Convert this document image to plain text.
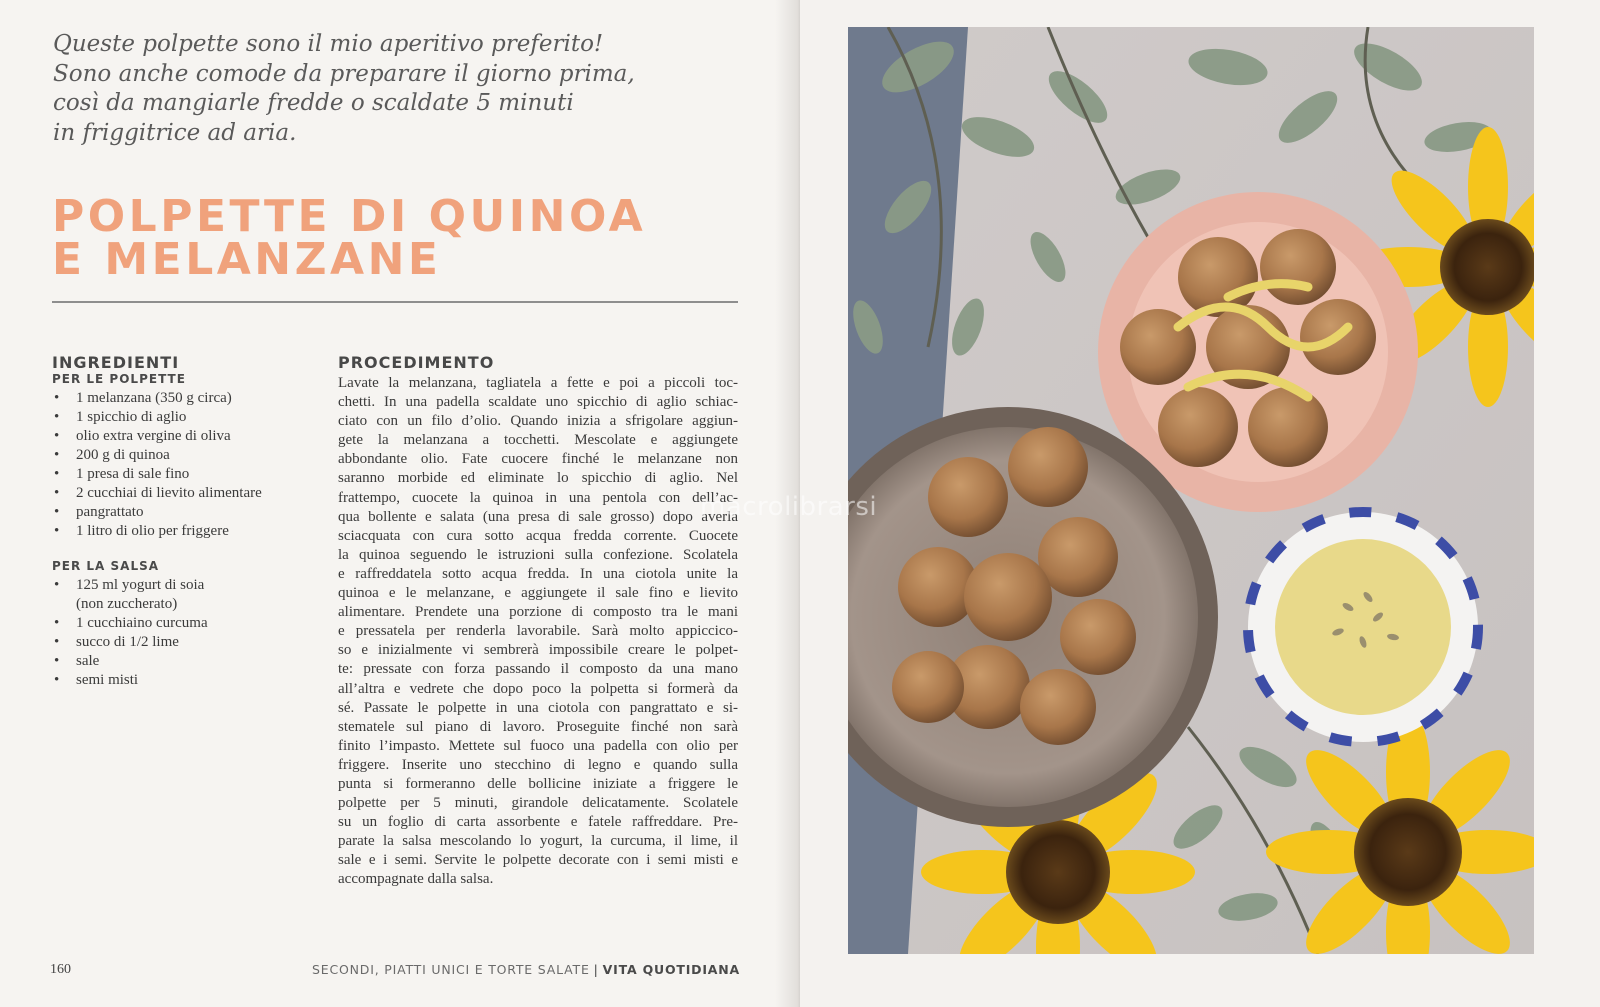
Queste polpette sono il mio aperitivo preferito!
Sono anche comode da preparare il giorno prima,
così da mangiarle fredde o scaldate 5 minuti
in friggitrice ad aria.
POLPETTE DI QUINOA
E MELANZANE
INGREDIENTI
PER LE POLPETTE
• 1 melanzana (350 g circa)
• 1 spicchio di aglio
• olio extra vergine di oliva
• 200 g di quinoa
• 1 presa di sale fino
• 2 cucchiai di lievito alimentare
• pangrattato
• 1 litro di olio per friggere
PER LA SALSA
• 125 ml yogurt di soia
(non zuccherato)
• 1 cucchiaino curcuma
• succo di 1/2 lime
• sale
• semi misti
PROCEDIMENTO
Lavate la melanzana, tagliatela a fette e poi a piccoli toc-
chetti. In una padella scaldate uno spicchio di aglio schiac-
ciato con un filo d’olio. Quando inizia a sfrigolare aggiun-
gete la melanzana a tocchetti. Mescolate e aggiungete
abbondante olio. Fate cuocere finché le melanzane non
saranno morbide ed eliminate lo spicchio di aglio. Nel
frattempo, cuocete la quinoa in una pentola con dell’ac-
qua bollente e salata (una presa di sale grosso) dopo averla
sciacquata con cura sotto acqua fredda corrente. Cuocete
la quinoa seguendo le istruzioni sulla confezione. Scolatela
e raffreddatela sotto acqua fredda. In una ciotola unite la
quinoa e le melanzane, e aggiungete il sale fino e lievito
alimentare. Prendete una porzione di composto tra le mani
e pressatela per renderla lavorabile. Sarà molto appiccico-
so e inizialmente vi sembrerà impossibile creare le polpet-
te: pressate con forza passando il composto da una mano
all’altra e vedrete che dopo poco la polpetta si formerà da
sé. Passate le polpette in una ciotola con pangrattato e si-
stematele sul piano di lavoro. Proseguite finché non sarà
finito l’impasto. Mettete sul fuoco una padella con olio per
friggere. Inserite uno stecchino di legno e quando sulla
punta si formeranno delle bollicine iniziate a friggere le
polpette per 5 minuti, girandole delicatamente. Scolatele
su un foglio di carta assorbente e fatele raffreddare. Pre-
parate la salsa mescolando lo yogurt, la curcuma, il lime, il
sale e i semi. Servite le polpette decorate con i semi misti e
accompagnate dalla salsa.
160	SECONDI, PIATTI UNICI E TORTE SALATE | VITA QUOTIDIANA
macrolibrarsi
